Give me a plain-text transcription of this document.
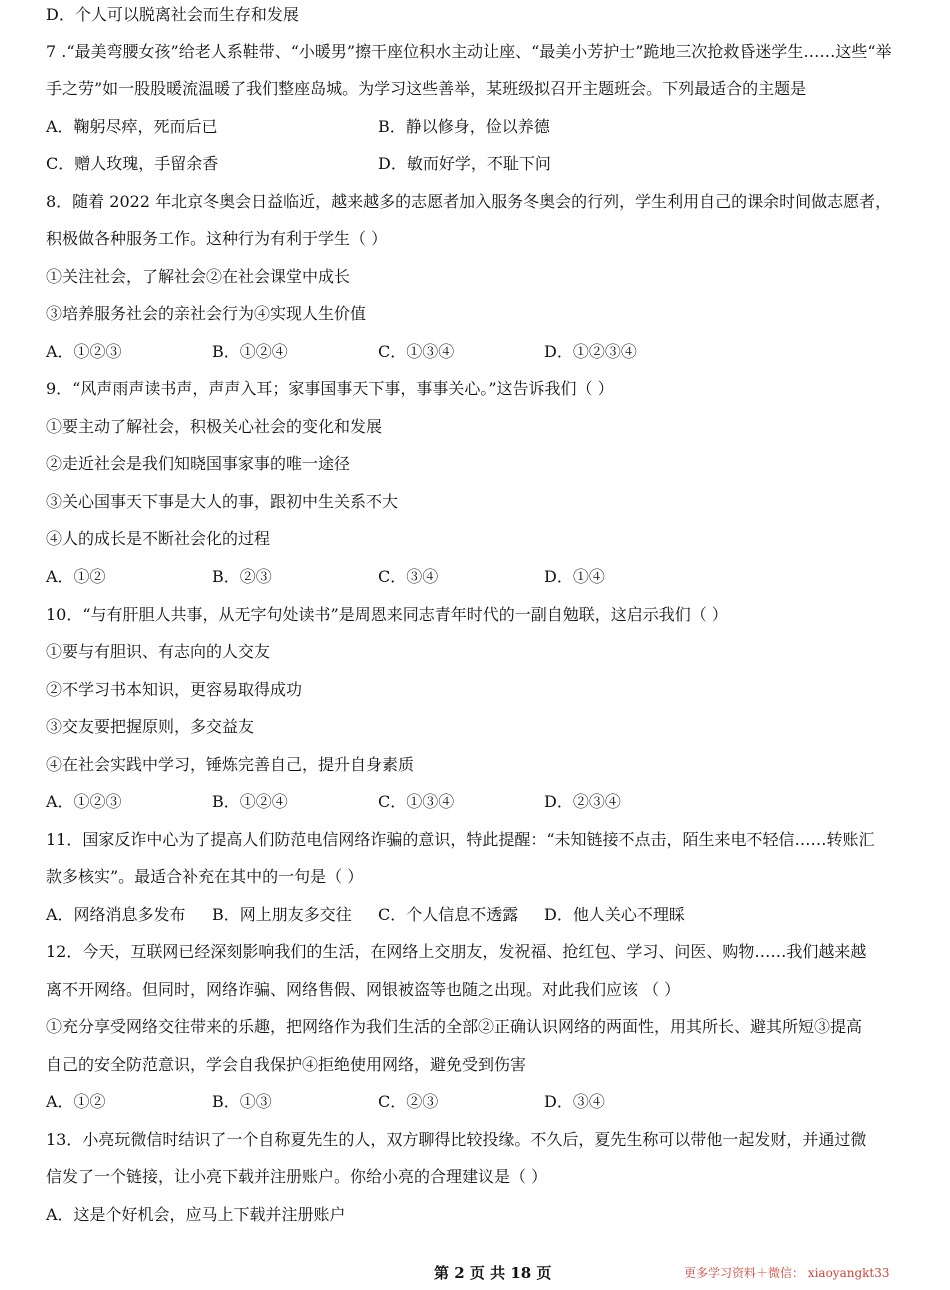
D．个人可以脱离社会而生存和发展
7 .“最美弯腰女孩”给老人系鞋带、“小暖男”擦干座位积水主动让座、“最美小芳护士”跪地三次抢救昏迷学生……这些“举
手之劳”如一股股暖流温暖了我们整座岛城。为学习这些善举，某班级拟召开主题班会。下列最适合的主题是
A．鞠躬尽瘁，死而后已	B．静以修身，俭以养德
C．赠人玫瑰，手留余香	D．敏而好学，不耻下问
8．随着 2022 年北京冬奥会日益临近，越来越多的志愿者加入服务冬奥会的行列，学生利用自己的课余时间做志愿者，
积极做各种服务工作。这种行为有利于学生（ ）
①关注社会，了解社会②在社会课堂中成长
③培养服务社会的亲社会行为④实现人生价值
A．①②③	B．①②④	C．①③④	D．①②③④
9．“风声雨声读书声，声声入耳；家事国事天下事，事事关心。”这告诉我们（ ）
①要主动了解社会，积极关心社会的变化和发展
②走近社会是我们知晓国事家事的唯一途径
③关心国事天下事是大人的事，跟初中生关系不大
④人的成长是不断社会化的过程
A．①②	B．②③	C．③④	D．①④
10．“与有肝胆人共事，从无字句处读书”是周恩来同志青年时代的一副自勉联，这启示我们（ ）
①要与有胆识、有志向的人交友
②不学习书本知识，更容易取得成功
③交友要把握原则，多交益友
④在社会实践中学习，锤炼完善自己，提升自身素质
A．①②③	B．①②④	C．①③④	D．②③④
11．国家反诈中心为了提高人们防范电信网络诈骗的意识，特此提醒：“未知链接不点击，陌生来电不轻信……转账汇
款多核实”。最适合补充在其中的一句是（ ）
A．网络消息多发布 B．网上朋友多交往 C．个人信息不透露 D．他人关心不理睬
12．今天，互联网已经深刻影响我们的生活，在网络上交朋友，发祝福、抢红包、学习、问医、购物……我们越来越
离不开网络。但同时，网络诈骗、网络售假、网银被盗等也随之出现。对此我们应该 （ ）
①充分享受网络交往带来的乐趣，把网络作为我们生活的全部②正确认识网络的两面性，用其所长、避其所短③提高
自己的安全防范意识，学会自我保护④拒绝使用网络，避免受到伤害
A．①②	B．①③	C．②③	D．③④
13．小亮玩微信时结识了一个自称夏先生的人，双方聊得比较投缘。不久后，夏先生称可以带他一起发财，并通过微
信发了一个链接，让小亮下载并注册账户。你给小亮的合理建议是（ ）
A．这是个好机会，应马上下载并注册账户
第 2 页 共 18 页	更多学习资料＋微信： xiaoyangkt33
